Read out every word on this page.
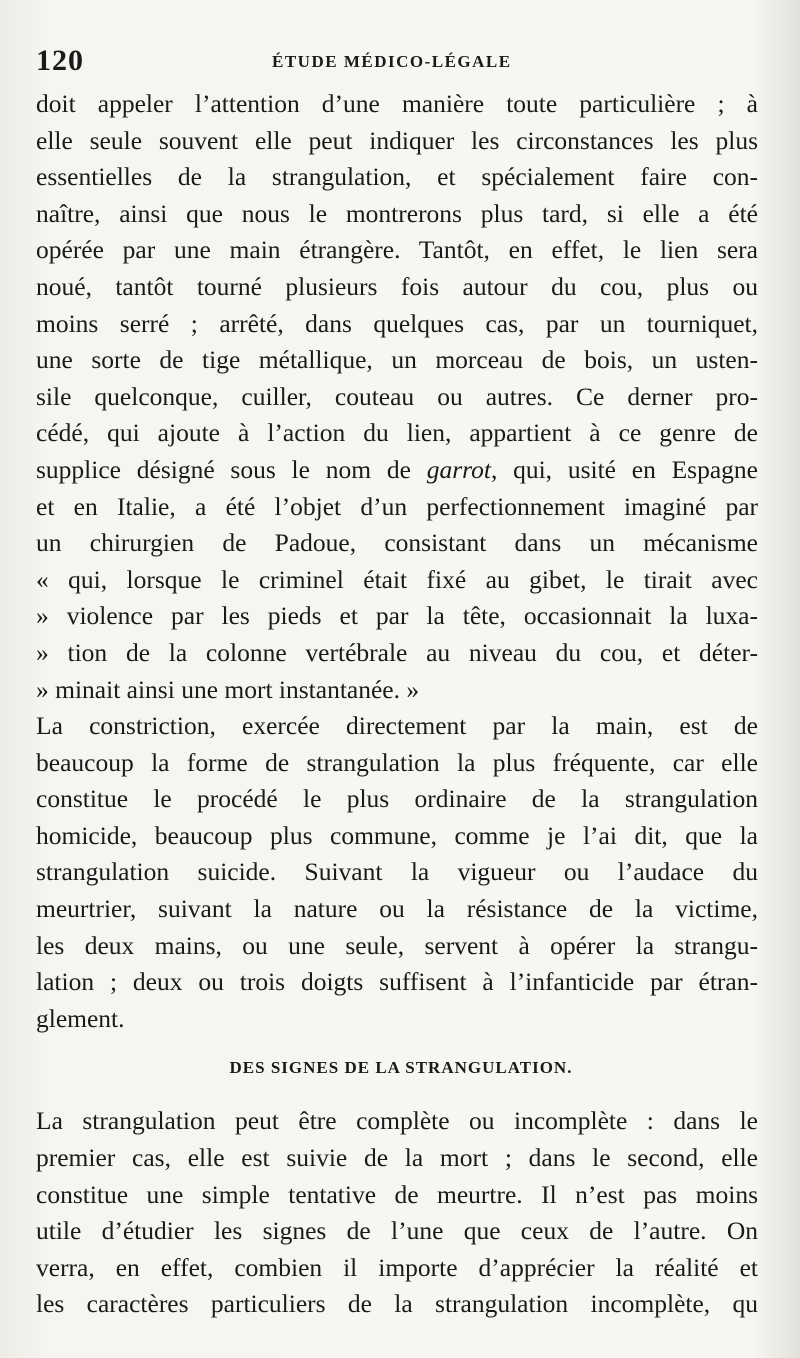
120	ÉTUDE MÉDICO-LÉGALE
doit appeler l’attention d’une manière toute particulière ; à
elle seule souvent elle peut indiquer les circonstances les plus
essentielles de la strangulation, et spécialement faire con-
naître, ainsi que nous le montrerons plus tard, si elle a été
opérée par une main étrangère. Tantôt, en effet, le lien sera
noué, tantôt tourné plusieurs fois autour du cou, plus ou
moins serré ; arrêté, dans quelques cas, par un tourniquet,
une sorte de tige métallique, un morceau de bois, un usten-
sile quelconque, cuiller, couteau ou autres. Ce derner pro-
cédé, qui ajoute à l’action du lien, appartient à ce genre de
supplice désigné sous le nom de garrot, qui, usité en Espagne
et en Italie, a été l’objet d’un perfectionnement imaginé par
un chirurgien de Padoue, consistant dans un mécanisme
« qui, lorsque le criminel était fixé au gibet, le tirait avec
» violence par les pieds et par la tête, occasionnait la luxa-
» tion de la colonne vertébrale au niveau du cou, et déter-
» minait ainsi une mort instantanée. »
La constriction, exercée directement par la main, est de
beaucoup la forme de strangulation la plus fréquente, car elle
constitue le procédé le plus ordinaire de la strangulation
homicide, beaucoup plus commune, comme je l’ai dit, que la
strangulation suicide. Suivant la vigueur ou l’audace du
meurtrier, suivant la nature ou la résistance de la victime,
les deux mains, ou une seule, servent à opérer la strangu-
lation ; deux ou trois doigts suffisent à l’infanticide par étran-
glement.
DES SIGNES DE LA STRANGULATION.
La strangulation peut être complète ou incomplète : dans le
premier cas, elle est suivie de la mort ; dans le second, elle
constitue une simple tentative de meurtre. Il n’est pas moins
utile d’étudier les signes de l’une que ceux de l’autre. On
verra, en effet, combien il importe d’apprécier la réalité et
les caractères particuliers de la strangulation incomplète, qu
